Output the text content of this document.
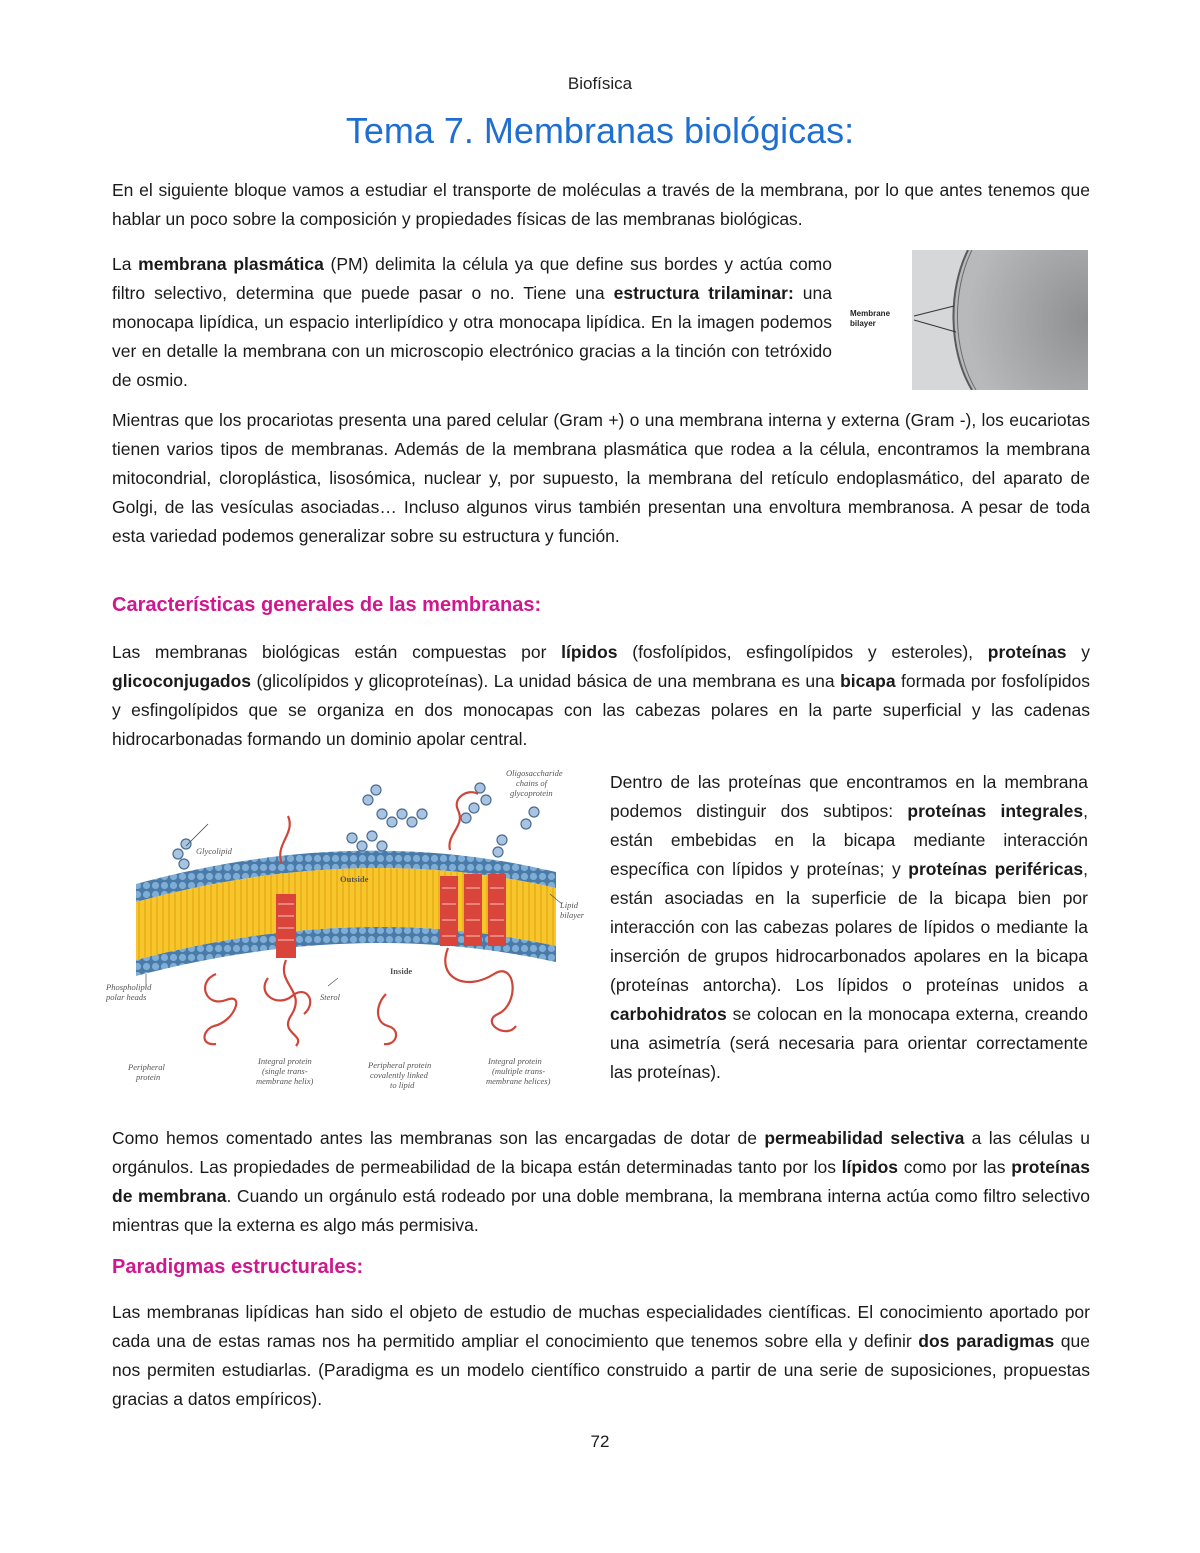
Biofísica
Tema 7. Membranas biológicas:

En el siguiente bloque vamos a estudiar el transporte de moléculas a través de la membrana, por lo que antes tenemos que hablar un poco sobre la composición y propiedades físicas de las membranas biológicas.

La membrana plasmática (PM) delimita la célula ya que define sus bordes y actúa como filtro selectivo, determina que puede pasar o no. Tiene una estructura trilaminar: una monocapa lipídica, un espacio interlipídico y otra monocapa lipídica. En la imagen podemos ver en detalle la membrana con un microscopio electrónico gracias a la tinción con tetróxido de osmio.

Membrane
bilayer

Mientras que los procariotas presenta una pared celular (Gram +) o una membrana interna y externa (Gram -), los eucariotas tienen varios tipos de membranas. Además de la membrana plasmática que rodea a la célula, encontramos la membrana mitocondrial, cloroplástica, lisosómica, nuclear y, por supuesto, la membrana del retículo endoplasmático, del aparato de Golgi, de las vesículas asociadas… Incluso algunos virus también presentan una envoltura membranosa. A pesar de toda esta variedad podemos generalizar sobre su estructura y función.

Características generales de las membranas:

Las membranas biológicas están compuestas por lípidos (fosfolípidos, esfingolípidos y esteroles), proteínas y glicoconjugados (glicolípidos y glicoproteínas). La unidad básica de una membrana es una bicapa formada por fosfolípidos y esfingolípidos que se organiza en dos monocapas con las cabezas polares en la parte superficial y las cadenas hidrocarbonadas formando un dominio apolar central.

Oligosaccharide
chains of
glycoprotein
Glycolipid
Outside
Inside
Lipid
bilayer
Phospholipid
polar heads	Sterol
Peripheral
protein
Integral protein
(single trans-
membrane helix)
Peripheral protein
covalently linked
to lipid
Integral protein
(multiple trans-
membrane helices)

Dentro de las proteínas que encontramos en la membrana podemos distinguir dos subtipos: proteínas integrales, están embebidas en la bicapa mediante interacción específica con lípidos y proteínas; y proteínas periféricas, están asociadas en la superficie de la bicapa bien por interacción con las cabezas polares de lípidos o mediante la inserción de grupos hidrocarbonados apolares en la bicapa (proteínas antorcha). Los lípidos o proteínas unidos a carbohidratos se colocan en la monocapa externa, creando una asimetría (será necesaria para orientar correctamente las proteínas).

Como hemos comentado antes las membranas son las encargadas de dotar de permeabilidad selectiva a las células u orgánulos. Las propiedades de permeabilidad de la bicapa están determinadas tanto por los lípidos como por las proteínas de membrana. Cuando un orgánulo está rodeado por una doble membrana, la membrana interna actúa como filtro selectivo mientras que la externa es algo más permisiva.

Paradigmas estructurales:

Las membranas lipídicas han sido el objeto de estudio de muchas especialidades científicas. El conocimiento aportado por cada una de estas ramas nos ha permitido ampliar el conocimiento que tenemos sobre ella y definir dos paradigmas que nos permiten estudiarlas. (Paradigma es un modelo científico construido a partir de una serie de suposiciones, propuestas gracias a datos empíricos).

72
